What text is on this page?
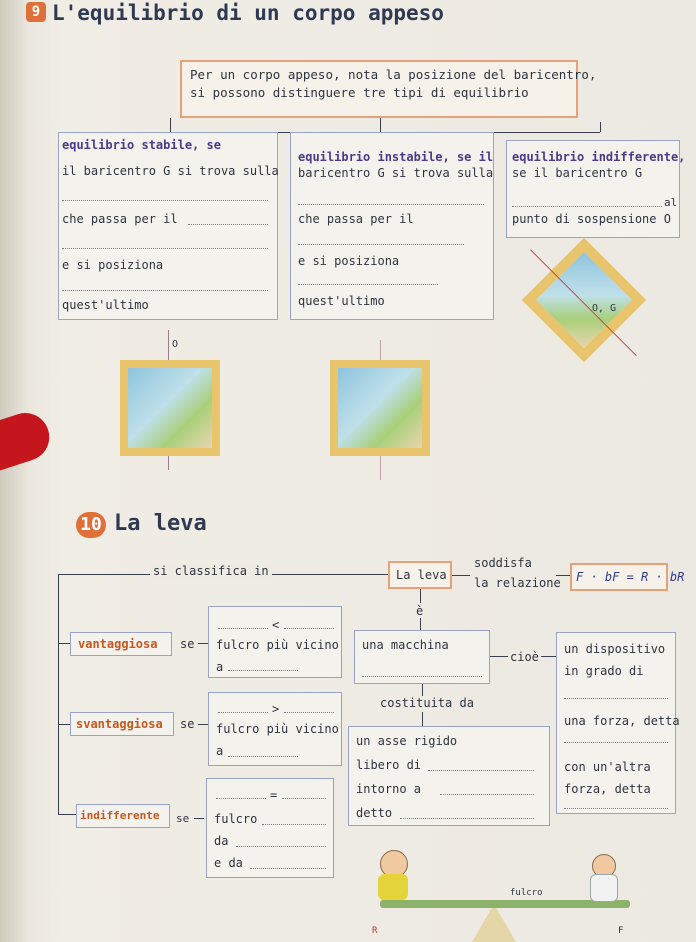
9 L'equilibrio di un corpo appeso
Per un corpo appeso, nota la posizione del baricentro,
si possono distinguere tre tipi di equilibrio
equilibrio stabile, se
il baricentro G si trova sulla
che passa per il
e si posiziona
quest'ultimo
equilibrio instabile, se il
baricentro G si trova sulla
che passa per il
e si posiziona
quest'ultimo
equilibrio indifferente,
se il baricentro G
al
punto di sospensione O
O, G
O
10 La leva
si classifica in	La leva
soddisfa
la relazione F · bF = R · bR
è
vantaggiosa se
<
fulcro più vicino
a
una macchina
cioè
un dispositivo
in grado di
una forza, detta
con un'altra
forza, detta
costituita da
un asse rigido
libero di
intorno a
detto
svantaggiosa se
>
fulcro più vicino
a
indifferente se
=
fulcro
da
e da
fulcro
R	F
